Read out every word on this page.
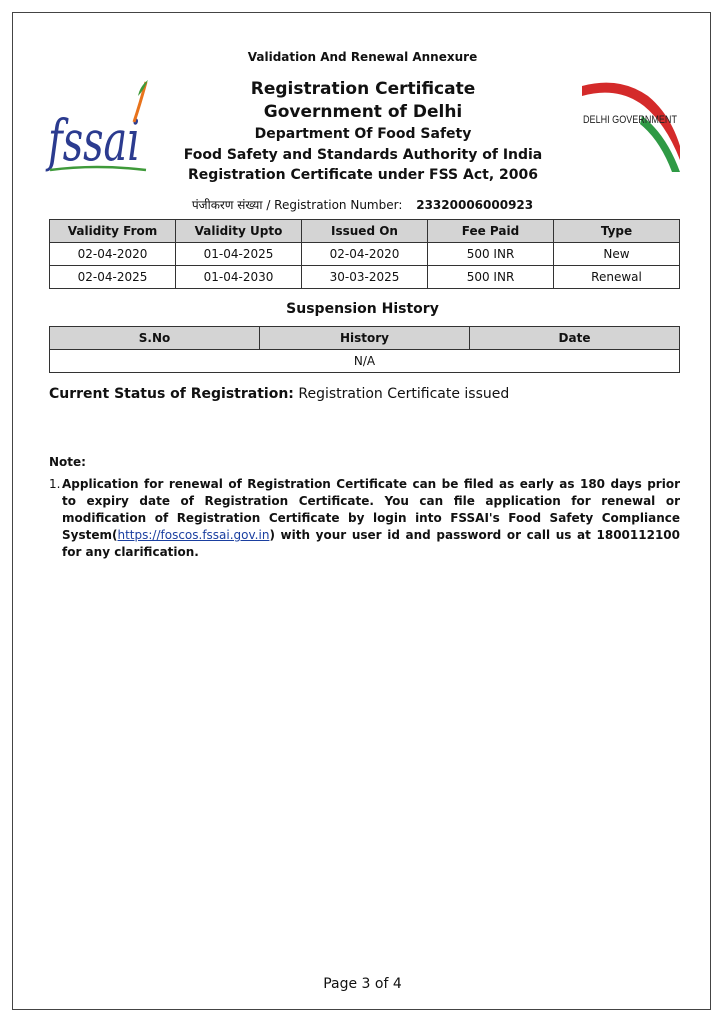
Validation And Renewal Annexure
fssai
Registration Certificate
Government of Delhi
Department Of Food Safety
Food Safety and Standards Authority of India
Registration Certificate under FSS Act, 2006
DELHI GOVERNMENT
पंजीकरण संख्या / Registration Number: 23320006000923
Validity From	Validity Upto	Issued On	Fee Paid	Type
02-04-2020	01-04-2025	02-04-2020	500 INR	New
02-04-2025	01-04-2030	30-03-2025	500 INR	Renewal
Suspension History
S.No	History	Date
N/A
Current Status of Registration: Registration Certificate issued
Note:
1. Application for renewal of Registration Certificate can be filed as early as 180 days prior to expiry date of Registration Certificate. You can file application for renewal or modification of Registration Certificate by login into FSSAI's Food Safety Compliance System(https://foscos.fssai.gov.in) with your user id and password or call us at 1800112100 for any clarification.
Page 3 of 4
